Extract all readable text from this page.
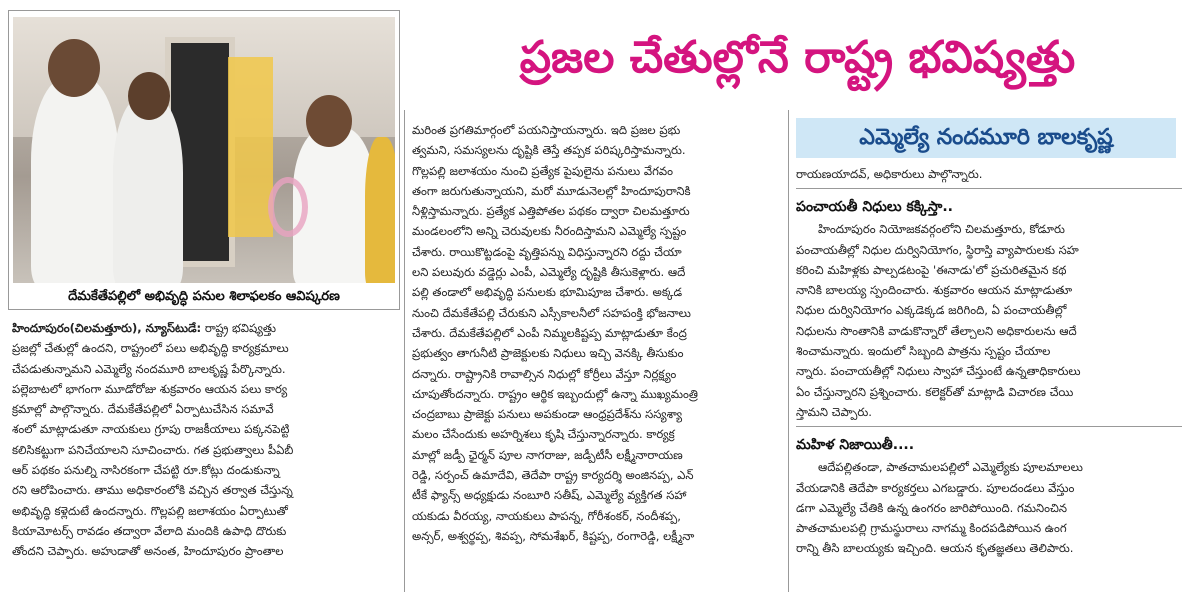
దేమకేతేపల్లిలో అభివృద్ధి పనుల శిలాఫలకం ఆవిష్కరణ
ప్రజల చేతుల్లోనే రాష్ట్ర భవిష్యత్తు
ఎమ్మెల్యే నందమూరి బాలకృష్ణ

హిందూపురం(చిలమత్తూరు), న్యూస్‌టుడే: రాష్ట్ర భవిష్యత్తు

ప్రజల్లో చేతుల్లో ఉందని, రాష్ట్రంలో పలు అభివృద్ధి కార్యక్రమాలు

చేపడుతున్నామని ఎమ్మెల్యే నందమూరి బాలకృష్ణ పేర్కొన్నారు.

పల్లెబాటలో భాగంగా మూడోరోజు శుక్రవారం ఆయన పలు కార్య

క్రమాల్లో పాల్గొన్నారు. దేమకేతేపల్లిలో ఏర్పాటుచేసిన సమావే

శంలో మాట్లాడుతూ నాయకులు గ్రూపు రాజకీయాలు పక్కనపెట్టి

కలిసికట్టుగా పనిచేయాలని సూచించారు. గత ప్రభుత్వాలు పీఏబీ

ఆర్ పథకం పనుల్ని నాసిరకంగా చేపట్టి రూ.కోట్లు దండుకున్నా

రని ఆరోపించారు. తాము అధికారంలోకి వచ్చిన తర్వాత చేస్తున్న

అభివృద్ధి కళ్లెదుటే ఉందన్నారు. గొల్లపల్లి జలాశయం ఏర్పాటుతో

కియామోటర్స్ రావడం తద్వారా వేలాది మందికి ఉపాధి దొరుకు

తోందని చెప్పారు. అహుడాతో అనంత, హిందూపురం ప్రాంతాల

మరింత ప్రగతిమార్గంలో పయనిస్తాయన్నారు. ఇది ప్రజల ప్రభు

త్వమని, సమస్యలను దృష్టికి తెస్తే తప్పక పరిష్కరిస్తామన్నారు.

గొల్లపల్లి జలాశయం నుంచి ప్రత్యేక పైపులైను పనులు వేగవం

తంగా జరుగుతున్నాయని, మరో మూడునెలల్లో హిందూపురానికి

నీళ్లిస్తామన్నారు. ప్రత్యేక ఎత్తిపోతల పథకం ద్వారా చిలమత్తూరు

మండలంలోని అన్ని చెరువులకు నీరందిస్తామని ఎమ్మెల్యే స్పష్టం

చేశారు. రాయికొట్టడంపై వృత్తిపన్ను విధిస్తున్నారని రద్దు చేయా

లని పలువురు వడ్డెర్లు ఎంపీ, ఎమ్మెల్యే దృష్టికి తీసుకెళ్లారు. ఆదే

పల్లి తండాలో అభివృద్ధి పనులకు భూమిపూజ చేశారు. అక్కడ

నుంచి దేమకేతేపల్లి చేరుకుని ఎస్సీకాలనీలో సహపంక్తి భోజనాలు

చేశారు. దేమకేతేపల్లిలో ఎంపీ నిమ్మలకిష్టప్ప మాట్లాడుతూ కేంద్ర

ప్రభుత్వం తాగునీటి ప్రాజెక్టులకు నిధులు ఇచ్చి వెనక్కి తీసుకుం

దన్నారు. రాష్ట్రానికి రావాల్సిన నిధుల్లో కోర్రీలు వేస్తూ నిర్లక్ష్యం

చూపుతోందన్నారు. రాష్ట్రం ఆర్థిక ఇబ్బందుల్లో ఉన్నా ముఖ్యమంత్రి

చంద్రబాబు ప్రాజెక్టు పనులు అపకుండా ఆంధ్రప్రదేశ్‌ను సస్యశ్యా

మలం చేసేందుకు అహర్నిశలు కృషి చేస్తున్నారన్నారు. కార్యక్ర

మాల్లో జడ్పీ ఛైర్మన్ పూల నాగరాజు, జడ్పీటీసీ లక్ష్మీనారాయణ

రెడ్డి, సర్పంచ్ ఉమాదేవి, తెదేపా రాష్ట్ర కార్యదర్శి అంజినప్ప, ఎన్

టీకే ఫ్యాన్స్ అధ్యక్షుడు నంబూరి సతీష్, ఎమ్మెల్యే వ్యక్తిగత సహా

యకుడు వీరయ్య, నాయకులు పాపన్న, గోరీశంకర్, నందీశప్ప,

అన్సర్, అశ్వర్థప్ప, శివప్ప, సోమశేఖర్, కిష్టప్ప, రంగారెడ్డి, లక్ష్మీనా

రాయణయాదవ్, అధికారులు పాల్గొన్నారు.

పంచాయతీ నిధులు కక్కిస్తా..

హిందూపురం నియోజకవర్గంలోని చిలమత్తూరు, కోడూరు

పంచాయతీల్లో నిధుల దుర్వినియోగం, స్థిరాస్తి వ్యాపారులకు సహ

కరించి మహిళ్లకు పాల్పడటంపై 'ఈనాడు'లో ప్రచురితమైన కథ

నానికి బాలయ్య స్పందించారు. శుక్రవారం ఆయన మాట్లాడుతూ

నిధుల దుర్వినియోగం ఎక్కడెక్కడ జరిగింది, ఏ పంచాయతీల్లో

నిధులను సొంతానికి వాడుకొన్నారో తేల్చాలని అధికారులను ఆదే

శించామన్నారు. ఇందులో సిబ్బంది పాత్రను స్పష్టం చేయాల

న్నారు. పంచాయతీల్లో నిధులు స్వాహా చేస్తుంటే ఉన్నతాధికారులు

ఏం చేస్తున్నారని ప్రశ్నించారు. కలెక్టర్‌తో మాట్లాడి విచారణ చేయి

స్తామని చెప్పారు.

మహిళ నిజాయితీ....

ఆదేపల్లితండా, పాతచామలపల్లిలో ఎమ్మెల్యేకు పూలమాలలు

వేయడానికి తెదేపా కార్యకర్తలు ఎగబడ్డారు. పూలదండలు వేస్తుం

డగా ఎమ్మెల్యే చేతికి ఉన్న ఉంగరం జారిపోయింది. గమనించిన

పాతచామలపల్లి గ్రామస్థురాలు నాగమ్మ కిందపడిపోయిన ఉంగ

రాన్ని తీసి బాలయ్యకు ఇచ్చింది. ఆయన కృతజ్ఞతలు తెలిపారు.
